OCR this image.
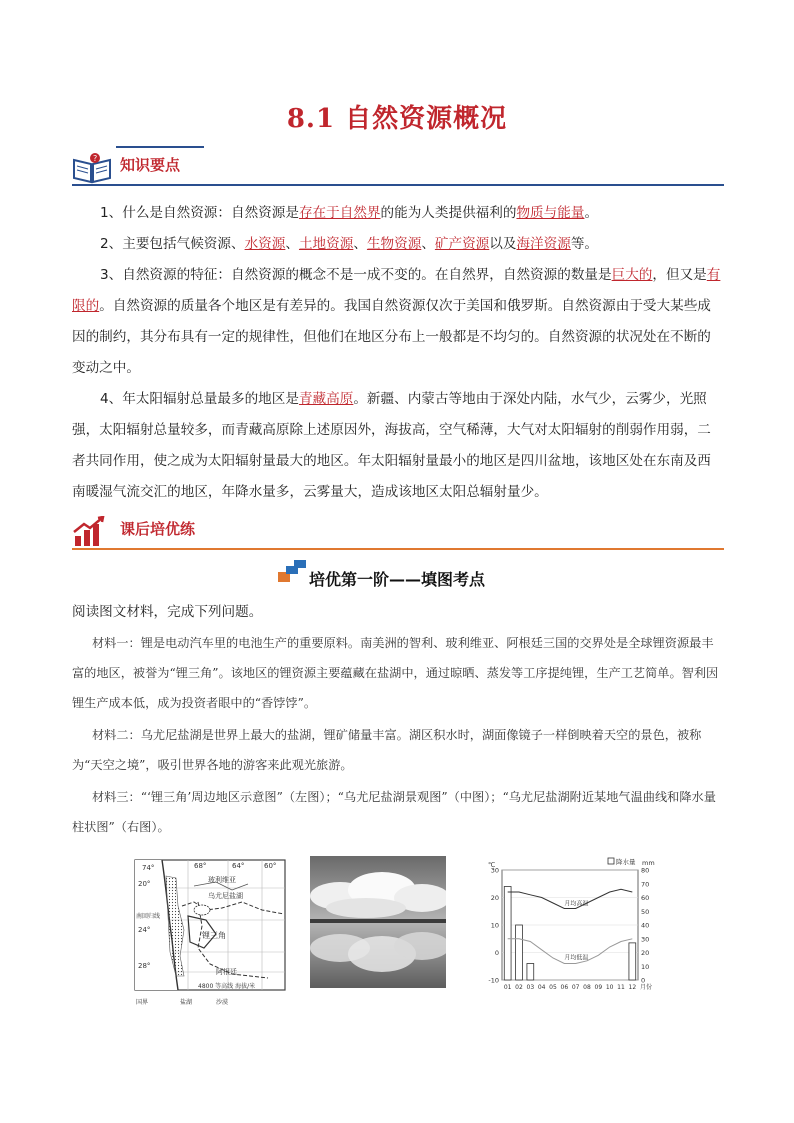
8.1 自然资源概况
? 知识要点

1、什么是自然资源：自然资源是存在于自然界的能为人类提供福利的物质与能量。

2、主要包括气候资源、水资源、土地资源、生物资源、矿产资源以及海洋资源等。

3、自然资源的特征：自然资源的概念不是一成不变的。在自然界，自然资源的数量是巨大的，但又是有限的。自然资源的质量各个地区是有差异的。我国自然资源仅次于美国和俄罗斯。自然资源由于受大某些成因的制约，其分布具有一定的规律性，但他们在地区分布上一般都是不均匀的。自然资源的状况处在不断的变动之中。

4、年太阳辐射总量最多的地区是青藏高原。新疆、内蒙古等地由于深处内陆，水气少，云雾少，光照强，太阳辐射总量较多，而青藏高原除上述原因外，海拔高，空气稀薄，大气对太阳辐射的削弱作用弱，二者共同作用，使之成为太阳辐射量最大的地区。年太阳辐射量最小的地区是四川盆地，该地区处在东南及西南暖湿气流交汇的地区，年降水量多，云雾量大，造成该地区太阳总辐射量少。

课后培优练
培优第一阶——填图考点
阅读图文材料，完成下列问题。

材料一：锂是电动汽车里的电池生产的重要原料。南美洲的智利、玻利维亚、阿根廷三国的交界处是全球锂资源最丰富的地区，被誉为“锂三角”。该地区的锂资源主要蕴藏在盐湖中，通过晾晒、蒸发等工序提纯锂，生产工艺简单。智利因锂生产成本低，成为投资者眼中的“香饽饽”。

材料二：乌尤尼盐湖是世界上最大的盐湖，锂矿储量丰富。湖区积水时，湖面像镜子一样倒映着天空的景色，被称为“天空之境”，吸引世界各地的游客来此观光旅游。

材料三：“‘锂三角’周边地区示意图”（左图）；“乌尤尼盐湖景观图”（中图）；“乌尤尼盐湖附近某地气温曲线和降水量柱状图”（右图）。

74°	68°	64°	60°
20°
24°
28°
南回归线
玻利维亚
乌尤尼盐湖
锂三角
阿根廷
4800 等高线 海拔/米
国界	盐湖	沙漠
30
20
10
0
-10
80
70
60
50
40
30
20
10
0
℃	mm
月均高温
月均低温
01 02 03 04 05 06 07 08 09 10 11 12 月份
降水量
